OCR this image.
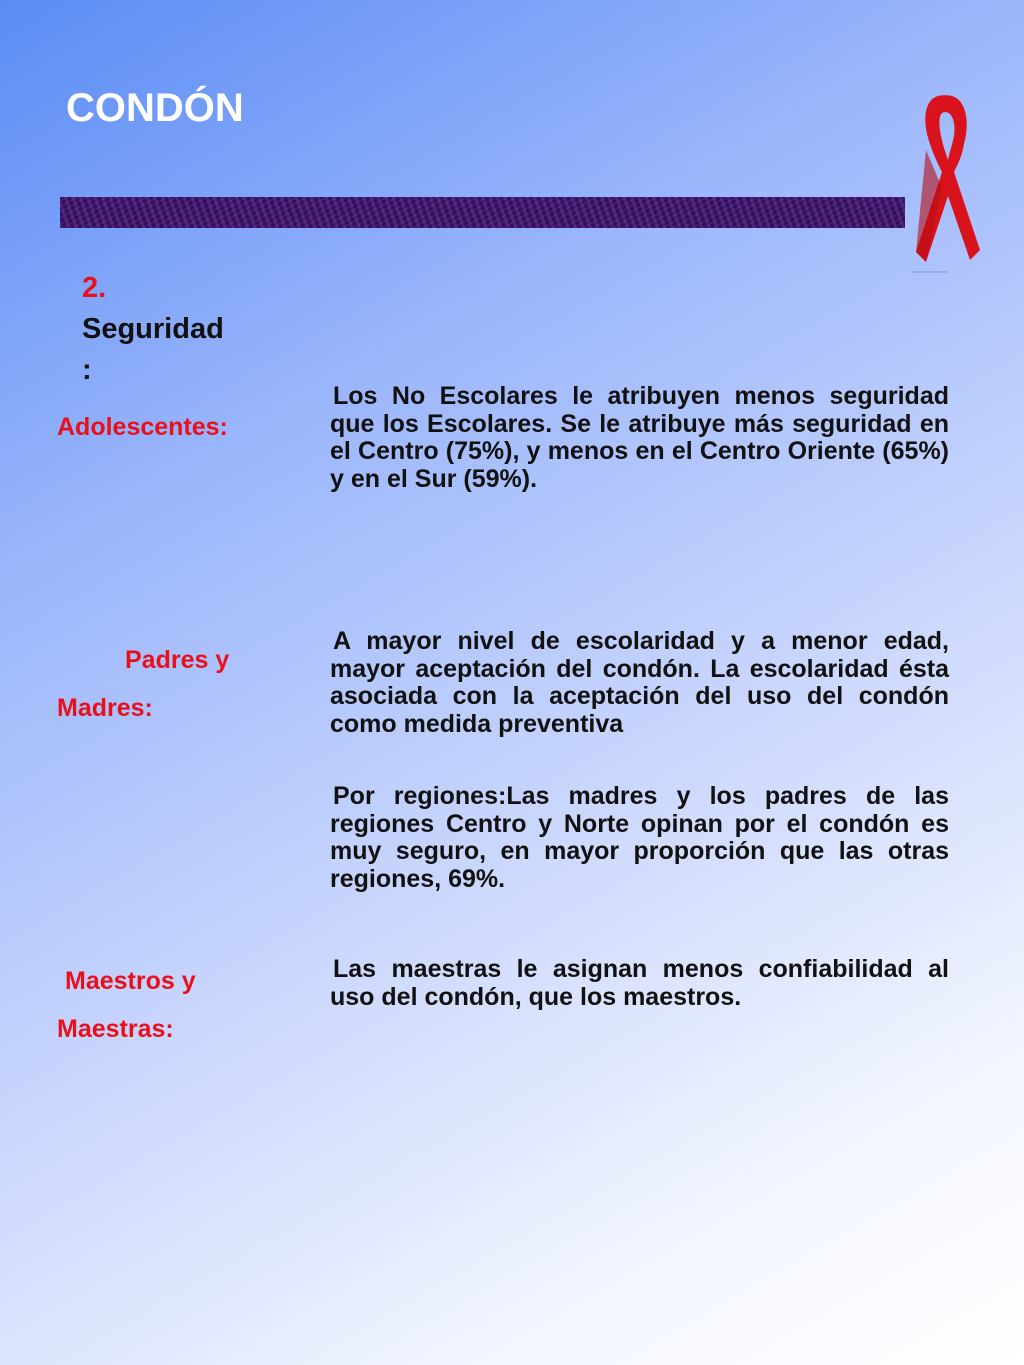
CONDÓN
2.
Seguridad
:
Adolescentes:
Los No Escolares le atribuyen menos seguridad que los Escolares. Se le atribuye más seguridad en el Centro (75%), y menos en el Centro Oriente (65%) y en el Sur (59%).
Padres y
Madres:
A mayor nivel de escolaridad y a menor edad, mayor aceptación del condón. La escolaridad ésta asociada con la aceptación del uso del condón como medida preventiva
Por regiones:Las madres y los padres de las regiones Centro y Norte opinan por el condón es muy seguro, en mayor proporción que las otras regiones, 69%.
Maestros y
Maestras:
Las maestras le asignan menos confiabilidad al uso del condón, que los maestros.
